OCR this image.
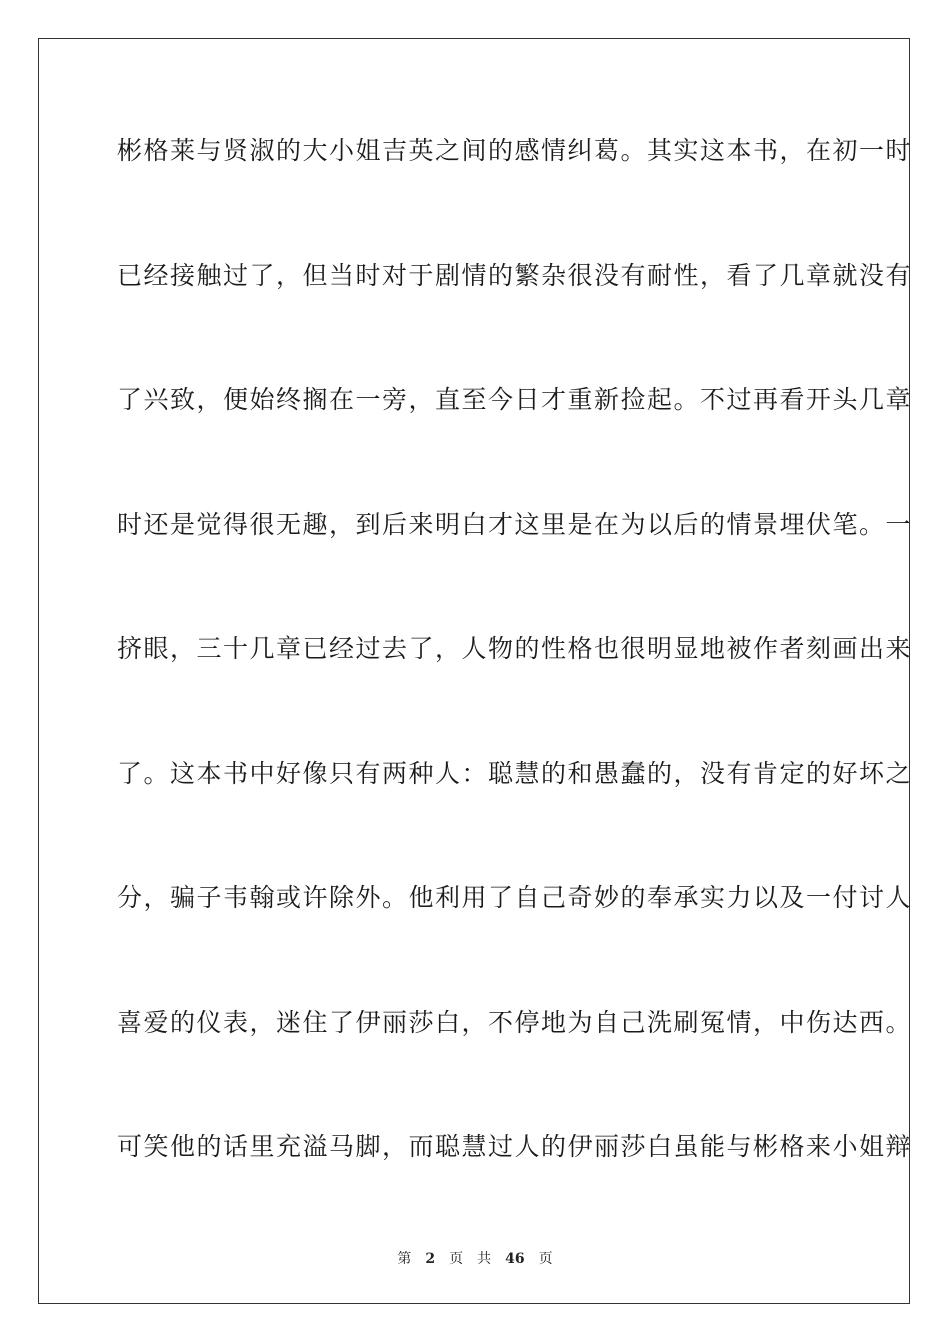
彬格莱与贤淑的大小姐吉英之间的感情纠葛。其实这本书，在初一时
已经接触过了，但当时对于剧情的繁杂很没有耐性，看了几章就没有
了兴致，便始终搁在一旁，直至今日才重新捡起。不过再看开头几章
时还是觉得很无趣，到后来明白才这里是在为以后的情景埋伏笔。一
挤眼，三十几章已经过去了，人物的性格也很明显地被作者刻画出来
了。这本书中好像只有两种人：聪慧的和愚蠢的，没有肯定的好坏之
分，骗子韦翰或许除外。他利用了自己奇妙的奉承实力以及一付讨人
喜爱的仪表，迷住了伊丽莎白，不停地为自己洗刷冤情，中伤达西。
可笑他的话里充溢马脚，而聪慧过人的伊丽莎白虽能与彬格来小姐辩
第 2 页 共 46 页
